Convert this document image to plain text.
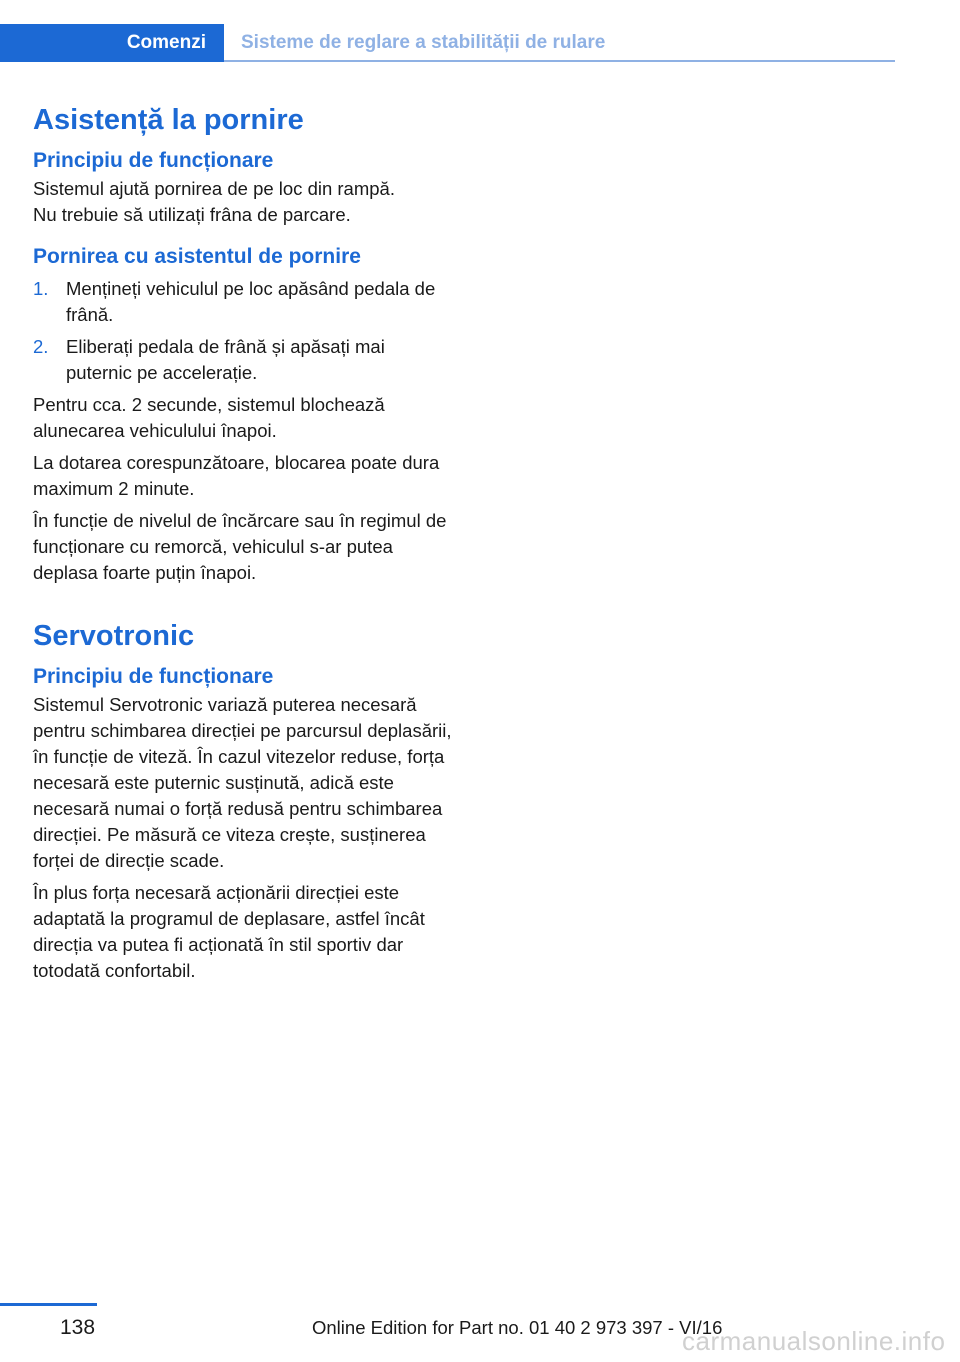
Comenzi Sisteme de reglare a stabilității de rulare
Asistență la pornire
Principiu de funcționare
Sistemul ajută pornirea de pe loc din rampă.
Nu trebuie să utilizați frâna de parcare.
Pornirea cu asistentul de pornire
1. Mențineți vehiculul pe loc apăsând pedala de frână.
2. Eliberați pedala de frână și apăsați mai puternic pe accelerație.
Pentru cca. 2 secunde, sistemul blochează alunecarea vehiculului înapoi.
La dotarea corespunzătoare, blocarea poate dura maximum 2 minute.
În funcție de nivelul de încărcare sau în regimul de funcționare cu remorcă, vehiculul s-ar putea deplasa foarte puțin înapoi.
Servotronic
Principiu de funcționare
Sistemul Servotronic variază puterea necesară pentru schimbarea direcției pe parcursul deplasării, în funcție de viteză. În cazul vitezelor reduse, forța necesară este puternic susținută, adică este necesară numai o forță redusă pentru schimbarea direcției. Pe măsură ce viteza crește, susținerea forței de direcție scade.
În plus forța necesară acționării direcției este adaptată la programul de deplasare, astfel încât direcția va putea fi acționată în stil sportiv dar totodată confortabil.
138	Online Edition for Part no. 01 40 2 973 397 - VI/16
carmanualsonline.info
